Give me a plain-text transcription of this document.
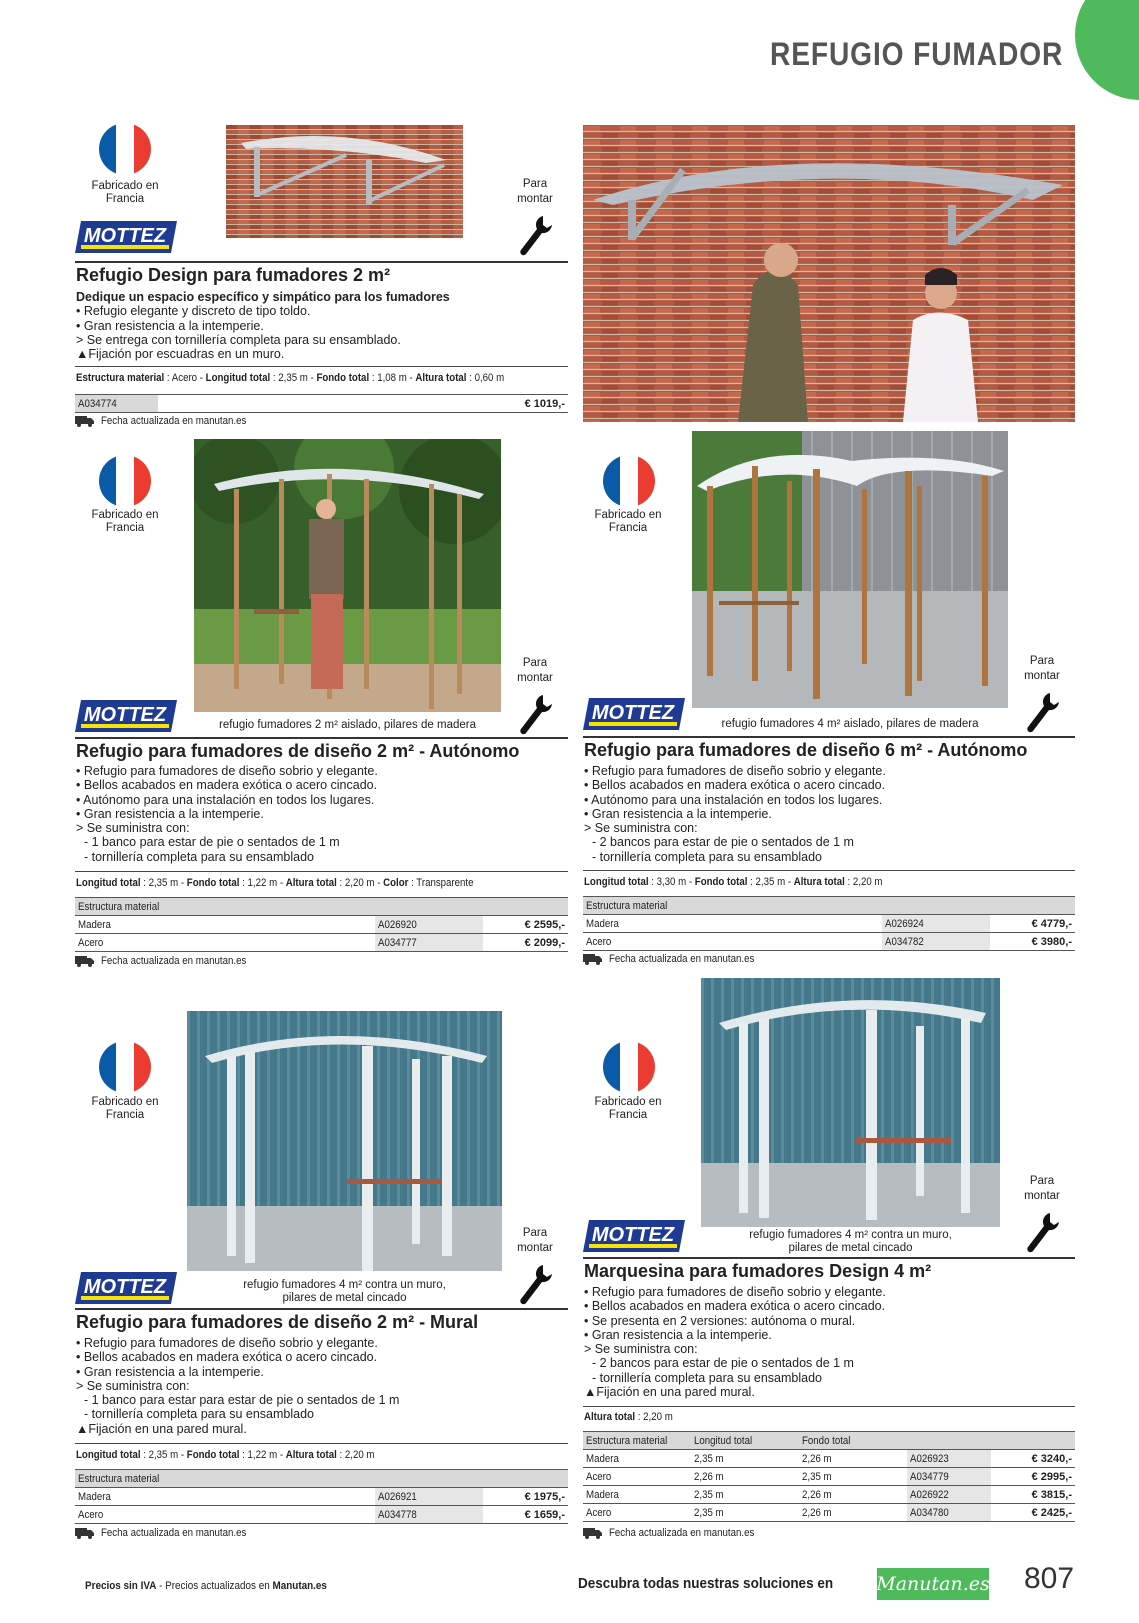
REFUGIO FUMADOR
Fabricado en
Francia
MOTTEZ
Para
montar
Refugio Design para fumadores 2 m²
Dedique un espacio específico y simpático para los fumadores
• Refugio elegante y discreto de tipo toldo.
• Gran resistencia a la intemperie.
> Se entrega con tornillería completa para su ensamblado.
▲Fijación por escuadras en un muro.
Estructura material : Acero - Longitud total : 2,35 m - Fondo total : 1,08 m - Altura total : 0,60 m
A034774		€ 1019,-
Fecha actualizada en manutan.es
Fabricado en
Francia
refugio fumadores 2 m² aislado, pilares de madera
MOTTEZ
Para
montar
Refugio para fumadores de diseño 2 m² - Autónomo
• Refugio para fumadores de diseño sobrio y elegante.
• Bellos acabados en madera exótica o acero cincado.
• Autónomo para una instalación en todos los lugares.
• Gran resistencia a la intemperie.
> Se suministra con:
- 1 banco para estar de pie o sentados de 1 m
- tornillería completa para su ensamblado
Longitud total : 2,35 m - Fondo total : 1,22 m - Altura total : 2,20 m - Color : Transparente
Estructura material		
Madera	A026920	€ 2595,-
Acero	A034777	€ 2099,-
Fecha actualizada en manutan.es
Fabricado en
Francia
refugio fumadores 4 m² aislado, pilares de madera
MOTTEZ
Para
montar
Refugio para fumadores de diseño 6 m² - Autónomo
• Refugio para fumadores de diseño sobrio y elegante.
• Bellos acabados en madera exótica o acero cincado.
• Autónomo para una instalación en todos los lugares.
• Gran resistencia a la intemperie.
> Se suministra con:
- 2 bancos para estar de pie o sentados de 1 m
- tornillería completa para su ensamblado
Longitud total : 3,30 m - Fondo total : 2,35 m - Altura total : 2,20 m
Estructura material		
Madera	A026924	€ 4779,-
Acero	A034782	€ 3980,-
Fecha actualizada en manutan.es
Fabricado en
Francia
refugio fumadores 4 m² contra un muro,
pilares de metal cincado
MOTTEZ
Para
montar
Refugio para fumadores de diseño 2 m² - Mural
• Refugio para fumadores de diseño sobrio y elegante.
• Bellos acabados en madera exótica o acero cincado.
• Gran resistencia a la intemperie.
> Se suministra con:
- 1 banco para estar para estar de pie o sentados de 1 m
- tornillería completa para su ensamblado
▲Fijación en una pared mural.
Longitud total : 2,35 m - Fondo total : 1,22 m - Altura total : 2,20 m
Estructura material		
Madera	A026921	€ 1975,-
Acero	A034778	€ 1659,-
Fecha actualizada en manutan.es
Fabricado en
Francia
refugio fumadores 4 m² contra un muro,
pilares de metal cincado
MOTTEZ
Para
montar
Marquesina para fumadores Design 4 m²
• Refugio para fumadores de diseño sobrio y elegante.
• Bellos acabados en madera exótica o acero cincado.
• Se presenta en 2 versiones: autónoma o mural.
• Gran resistencia a la intemperie.
> Se suministra con:
- 2 bancos para estar de pie o sentados de 1 m
- tornillería completa para su ensamblado
▲Fijación en una pared mural.
Altura total : 2,20 m
Estructura material	Longitud total	Fondo total		
Madera	2,35 m	2,26 m	A026923	€ 3240,-
Acero	2,26 m	2,35 m	A034779	€ 2995,-
Madera	2,35 m	2,26 m	A026922	€ 3815,-
Acero	2,35 m	2,26 m	A034780	€ 2425,-
Fecha actualizada en manutan.es
Precios sin IVA - Precios actualizados en Manutan.es	Descubra todas nuestras soluciones en Manutan.es 807
